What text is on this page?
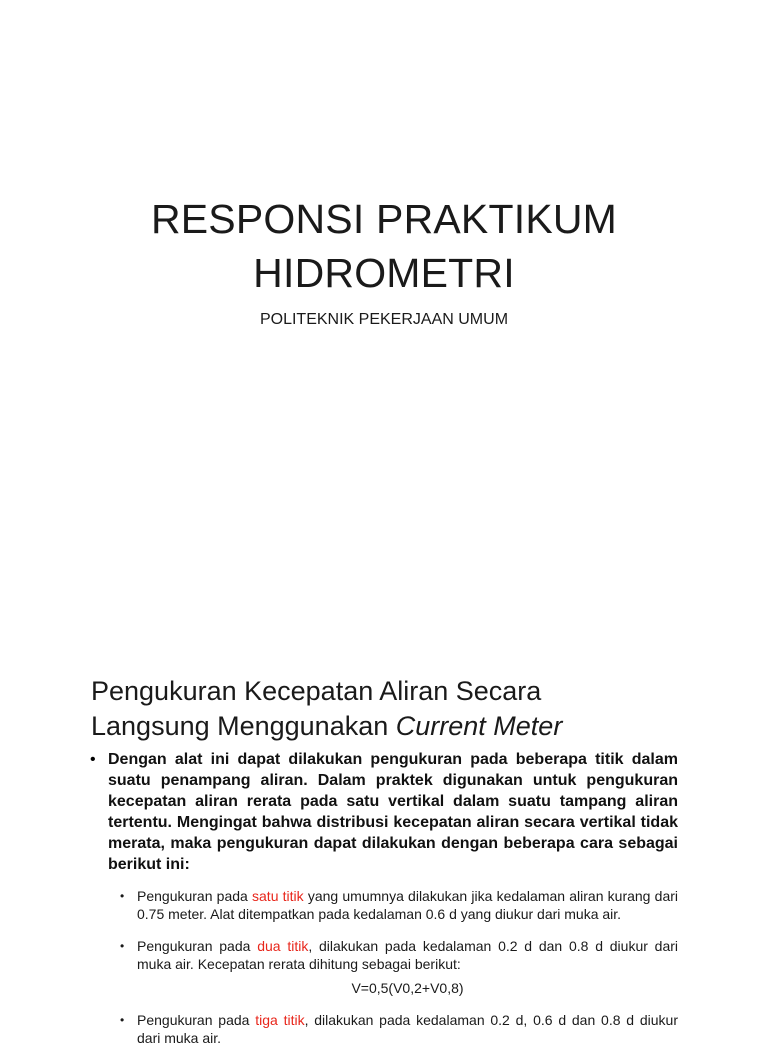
RESPONSI PRAKTIKUM
HIDROMETRI
POLITEKNIK PEKERJAAN UMUM
Pengukuran Kecepatan Aliran Secara
Langsung Menggunakan Current Meter
• Dengan alat ini dapat dilakukan pengukuran pada beberapa titik dalam suatu penampang aliran. Dalam praktek digunakan untuk pengukuran kecepatan aliran rerata pada satu vertikal dalam suatu tampang aliran tertentu. Mengingat bahwa distribusi kecepatan aliran secara vertikal tidak merata, maka pengukuran dapat dilakukan dengan beberapa cara sebagai berikut ini:
• Pengukuran pada satu titik yang umumnya dilakukan jika kedalaman aliran kurang dari 0.75 meter. Alat ditempatkan pada kedalaman 0.6 d yang diukur dari muka air.
• Pengukuran pada dua titik, dilakukan pada kedalaman 0.2 d dan 0.8 d diukur dari muka air. Kecepatan rerata dihitung sebagai berikut:
V=0,5(V0,2+V0,8)
• Pengukuran pada tiga titik, dilakukan pada kedalaman 0.2 d, 0.6 d dan 0.8 d diukur dari muka air.
